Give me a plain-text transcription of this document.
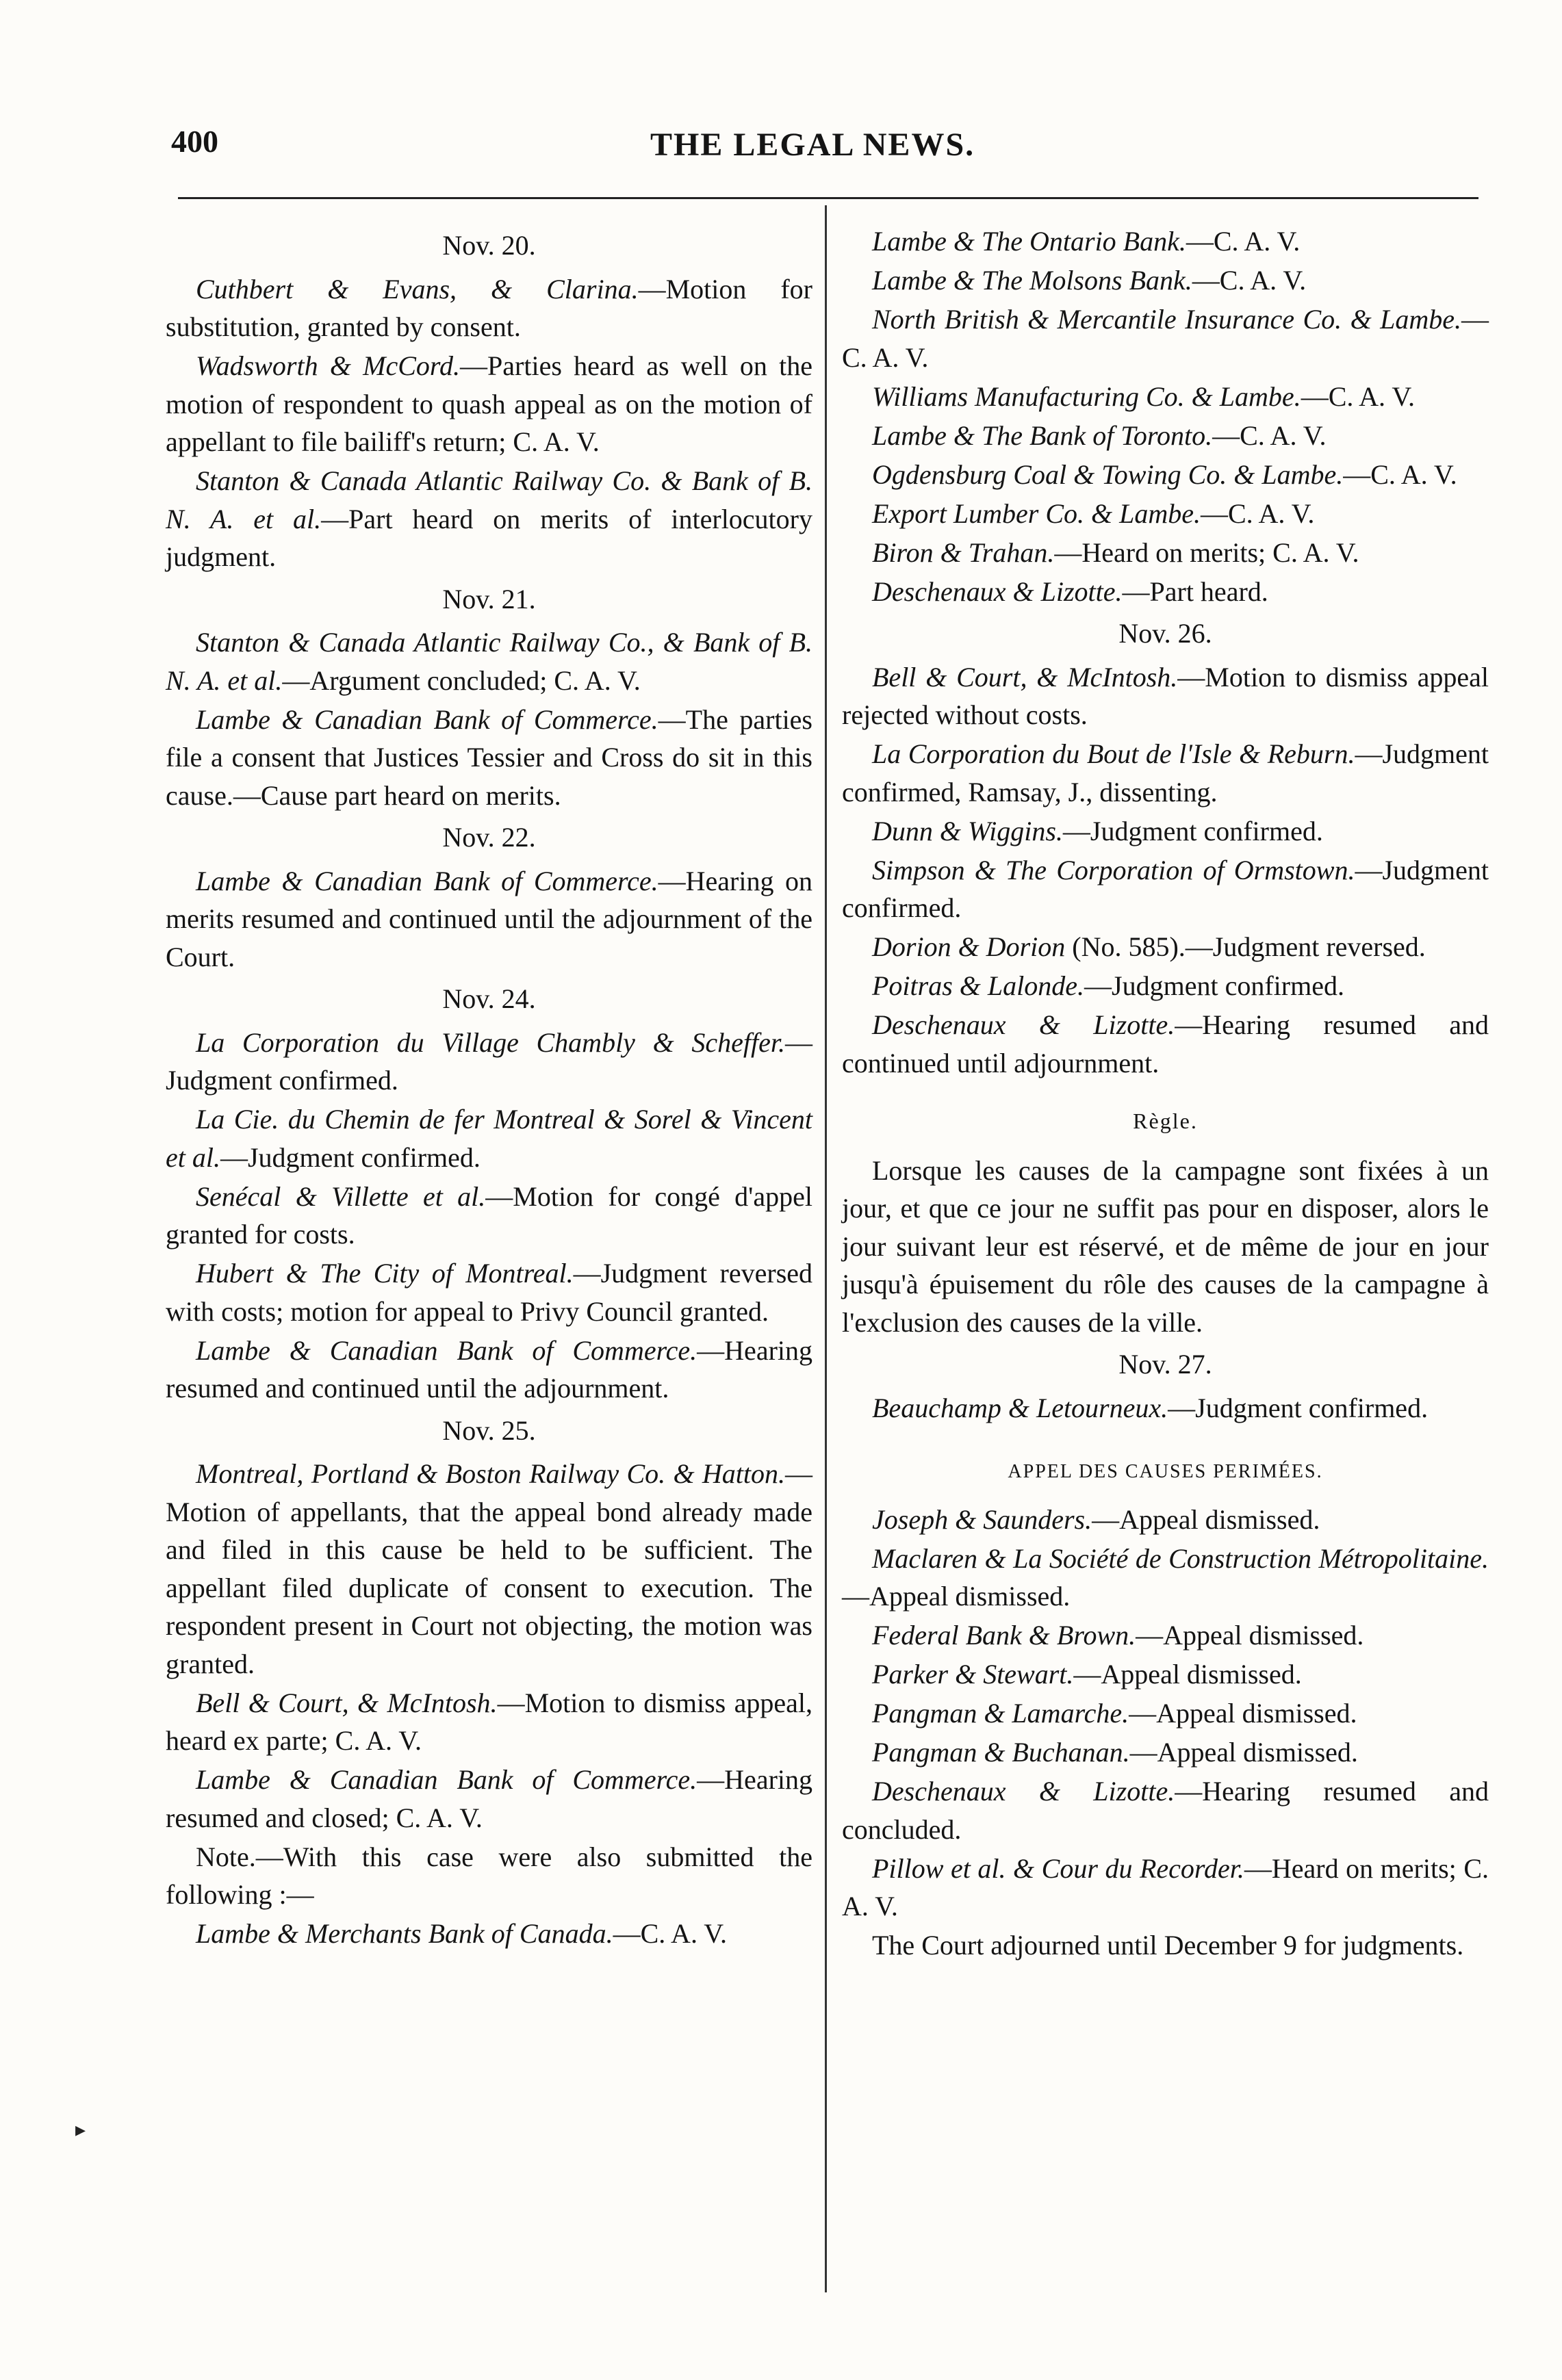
400	THE LEGAL NEWS.
Nov. 20.

Cuthbert & Evans, & Clarina.—Motion for substitution, granted by consent.

Wadsworth & McCord.—Parties heard as well on the motion of respondent to quash appeal as on the motion of appellant to file bailiff's return; C. A. V.

Stanton & Canada Atlantic Railway Co. & Bank of B. N. A. et al.—Part heard on merits of interlocutory judgment.

Nov. 21.

Stanton & Canada Atlantic Railway Co., & Bank of B. N. A. et al.—Argument concluded; C. A. V.

Lambe & Canadian Bank of Commerce.—The parties file a consent that Justices Tessier and Cross do sit in this cause.—Cause part heard on merits.

Nov. 22.

Lambe & Canadian Bank of Commerce.—Hearing on merits resumed and continued until the adjournment of the Court.

Nov. 24.

La Corporation du Village Chambly & Scheffer.—Judgment confirmed.

La Cie. du Chemin de fer Montreal & Sorel & Vincent et al.—Judgment confirmed.

Senécal & Villette et al.—Motion for congé d'appel granted for costs.

Hubert & The City of Montreal.—Judgment reversed with costs; motion for appeal to Privy Council granted.

Lambe & Canadian Bank of Commerce.—Hearing resumed and continued until the adjournment.

Nov. 25.

Montreal, Portland & Boston Railway Co. & Hatton.—Motion of appellants, that the appeal bond already made and filed in this cause be held to be sufficient. The appellant filed duplicate of consent to execution. The respondent present in Court not objecting, the motion was granted.

Bell & Court, & McIntosh.—Motion to dismiss appeal, heard ex parte; C. A. V.

Lambe & Canadian Bank of Commerce.—Hearing resumed and closed; C. A. V.

Note.—With this case were also submitted the following :—

Lambe & Merchants Bank of Canada.—C. A. V.

Lambe & The Ontario Bank.—C. A. V.

Lambe & The Molsons Bank.—C. A. V.

North British & Mercantile Insurance Co. & Lambe.—C. A. V.

Williams Manufacturing Co. & Lambe.—C. A. V.

Lambe & The Bank of Toronto.—C. A. V.

Ogdensburg Coal & Towing Co. & Lambe.—C. A. V.

Export Lumber Co. & Lambe.—C. A. V.

Biron & Trahan.—Heard on merits; C. A. V.

Deschenaux & Lizotte.—Part heard.

Nov. 26.

Bell & Court, & McIntosh.—Motion to dismiss appeal rejected without costs.

La Corporation du Bout de l'Isle & Reburn.—Judgment confirmed, Ramsay, J., dissenting.

Dunn & Wiggins.—Judgment confirmed.

Simpson & The Corporation of Ormstown.—Judgment confirmed.

Dorion & Dorion (No. 585).—Judgment reversed.

Poitras & Lalonde.—Judgment confirmed.

Deschenaux & Lizotte.—Hearing resumed and continued until adjournment.

Règle.

Lorsque les causes de la campagne sont fixées à un jour, et que ce jour ne suffit pas pour en disposer, alors le jour suivant leur est réservé, et de même de jour en jour jusqu'à épuisement du rôle des causes de la campagne à l'exclusion des causes de la ville.

Nov. 27.

Beauchamp & Letourneux.—Judgment confirmed.

APPEL DES CAUSES PERIMÉES.

Joseph & Saunders.—Appeal dismissed.

Maclaren & La Société de Construction Métropolitaine.—Appeal dismissed.

Federal Bank & Brown.—Appeal dismissed.

Parker & Stewart.—Appeal dismissed.

Pangman & Lamarche.—Appeal dismissed.

Pangman & Buchanan.—Appeal dismissed.

Deschenaux & Lizotte.—Hearing resumed and concluded.

Pillow et al. & Cour du Recorder.—Heard on merits; C. A. V.

The Court adjourned until December 9 for judgments.

▸
